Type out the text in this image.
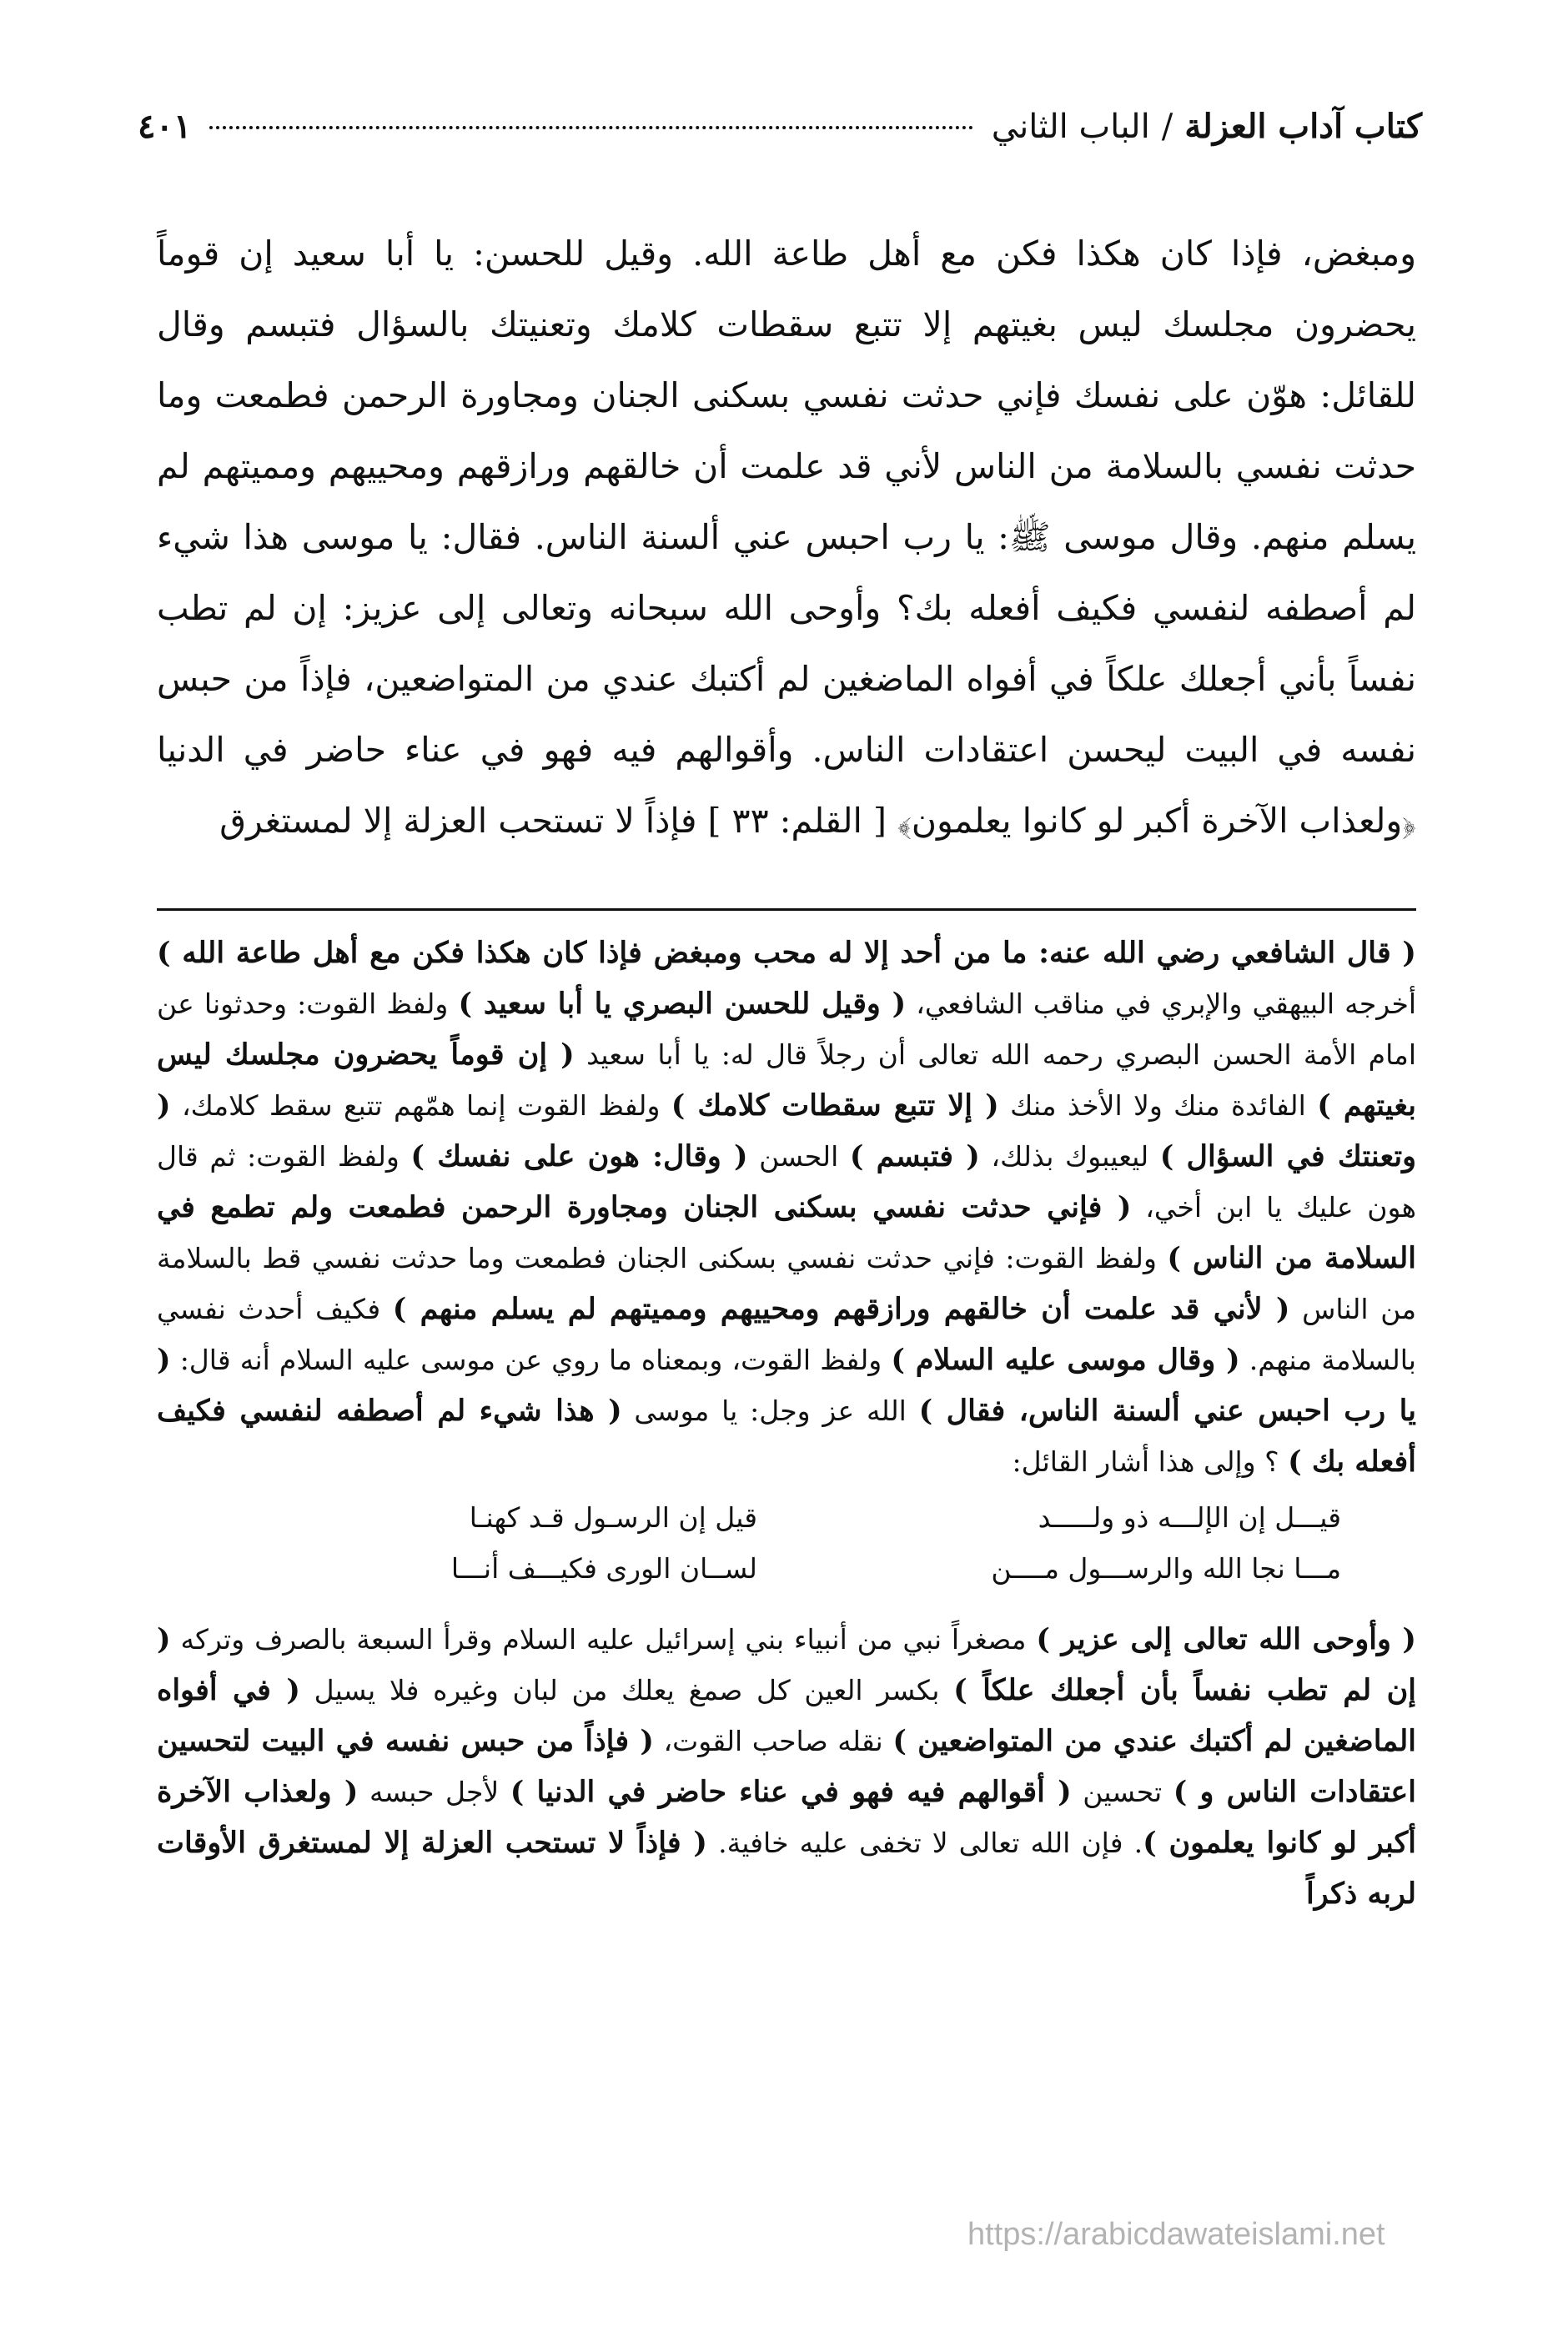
كتاب آداب العزلة
/
الباب الثاني
٤٠١

ومبغض، فإذا كان هكذا فكن مع أهل طاعة الله. وقيل للحسن: يا أبا سعيد إن قوماً يحضرون مجلسك ليس بغيتهم إلا تتبع سقطات كلامك وتعنيتك بالسؤال فتبسم وقال للقائل: هوّن على نفسك فإني حدثت نفسي بسكنى الجنان ومجاورة الرحمن فطمعت وما حدثت نفسي بالسلامة من الناس لأني قد علمت أن خالقهم ورازقهم ومحييهم ومميتهم لم يسلم منهم. وقال موسى ﷺ: يا رب احبس عني ألسنة الناس. فقال: يا موسى هذا شيء لم أصطفه لنفسي فكيف أفعله بك؟ وأوحى الله سبحانه وتعالى إلى عزيز: إن لم تطب نفساً بأني أجعلك علكاً في أفواه الماضغين لم أكتبك عندي من المتواضعين، فإذاً من حبس نفسه في البيت ليحسن اعتقادات الناس. وأقوالهم فيه فهو في عناء حاضر في الدنيا ﴿ولعذاب الآخرة أكبر لو كانوا يعلمون﴾ [ القلم: ٣٣ ] فإذاً لا تستحب العزلة إلا لمستغرق

( قال الشافعي رضي الله عنه: ما من أحد إلا له محب ومبغض فإذا كان هكذا فكن مع أهل طاعة الله ) أخرجه البيهقي والإبري في مناقب الشافعي، ( وقيل للحسن البصري يا أبا سعيد ) ولفظ القوت: وحدثونا عن امام الأمة الحسن البصري رحمه الله تعالى أن رجلاً قال له: يا أبا سعيد ( إن قوماً يحضرون مجلسك ليس بغيتهم ) الفائدة منك ولا الأخذ منك ( إلا تتبع سقطات كلامك ) ولفظ القوت إنما همّهم تتبع سقط كلامك، ( وتعنتك في السؤال ) ليعيبوك بذلك، ( فتبسم ) الحسن ( وقال: هون على نفسك ) ولفظ القوت: ثم قال هون عليك يا ابن أخي، ( فإني حدثت نفسي بسكنى الجنان ومجاورة الرحمن فطمعت ولم تطمع في السلامة من الناس ) ولفظ القوت: فإني حدثت نفسي بسكنى الجنان فطمعت وما حدثت نفسي قط بالسلامة من الناس ( لأني قد علمت أن خالقهم ورازقهم ومحييهم ومميتهم لم يسلم منهم ) فكيف أحدث نفسي بالسلامة منهم. ( وقال موسى عليه السلام ) ولفظ القوت، وبمعناه ما روي عن موسى عليه السلام أنه قال: ( يا رب احبس عني ألسنة الناس، فقال ) الله عز وجل: يا موسى ( هذا شيء لم أصطفه لنفسي فكيف أفعله بك ) ؟ وإلى هذا أشار القائل:

قيـــل إن الإلـــه ذو ولـــــد
قيل إن الرسـول قـد كهنـا
مـــا نجا الله والرســـول مــــن
لســان الورى فكيـــف أنـــا

( وأوحى الله تعالى إلى عزير ) مصغراً نبي من أنبياء بني إسرائيل عليه السلام وقرأ السبعة بالصرف وتركه ( إن لم تطب نفساً بأن أجعلك علكاً ) بكسر العين كل صمغ يعلك من لبان وغيره فلا يسيل ( في أفواه الماضغين لم أكتبك عندي من المتواضعين ) نقله صاحب القوت، ( فإذاً من حبس نفسه في البيت لتحسين اعتقادات الناس و ) تحسين ( أقوالهم فيه فهو في عناء حاضر في الدنيا ) لأجل حبسه ( ولعذاب الآخرة أكبر لو كانوا يعلمون ). فإن الله تعالى لا تخفى عليه خافية. ( فإذاً لا تستحب العزلة إلا لمستغرق الأوقات لربه ذكراً

https://arabicdawateislami.net
